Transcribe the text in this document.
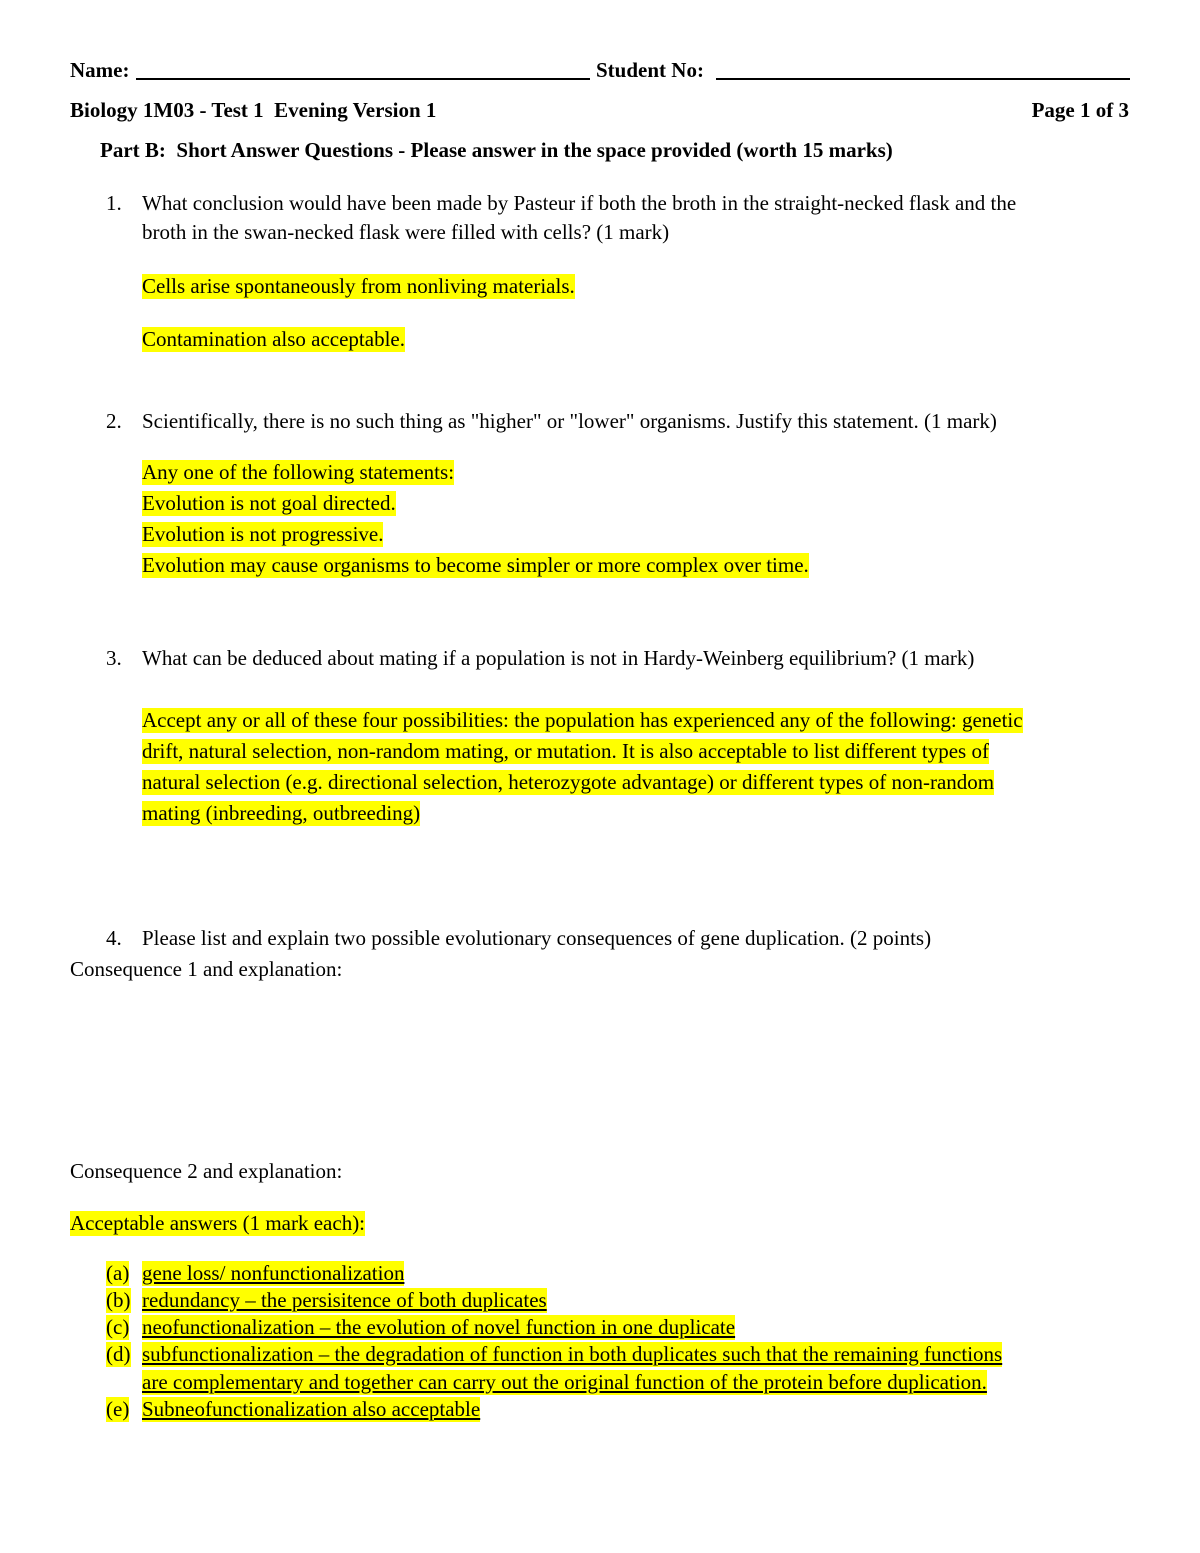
Name:	Student No:
Biology 1M03 - Test 1  Evening Version 1	Page 1 of 3
Part B:  Short Answer Questions - Please answer in the space provided (worth 15 marks)
1. What conclusion would have been made by Pasteur if both the broth in the straight-necked flask and the
broth in the swan-necked flask were filled with cells? (1 mark)
Cells arise spontaneously from nonliving materials.
Contamination also acceptable.
2. Scientifically, there is no such thing as "higher" or "lower" organisms. Justify this statement. (1 mark)
Any one of the following statements:
Evolution is not goal directed.
Evolution is not progressive.
Evolution may cause organisms to become simpler or more complex over time.
3. What can be deduced about mating if a population is not in Hardy-Weinberg equilibrium? (1 mark)
Accept any or all of these four possibilities: the population has experienced any of the following: genetic
drift, natural selection, non-random mating, or mutation. It is also acceptable to list different types of
natural selection (e.g. directional selection, heterozygote advantage) or different types of non-random
mating (inbreeding, outbreeding)
4. Please list and explain two possible evolutionary consequences of gene duplication. (2 points)
Consequence 1 and explanation:
Consequence 2 and explanation:
Acceptable answers (1 mark each):
(a) gene loss/ nonfunctionalization
(b) redundancy – the persisitence of both duplicates
(c) neofunctionalization – the evolution of novel function in one duplicate
(d) subfunctionalization – the degradation of function in both duplicates such that the remaining functions
are complementary and together can carry out the original function of the protein before duplication.
(e) Subneofunctionalization also acceptable
